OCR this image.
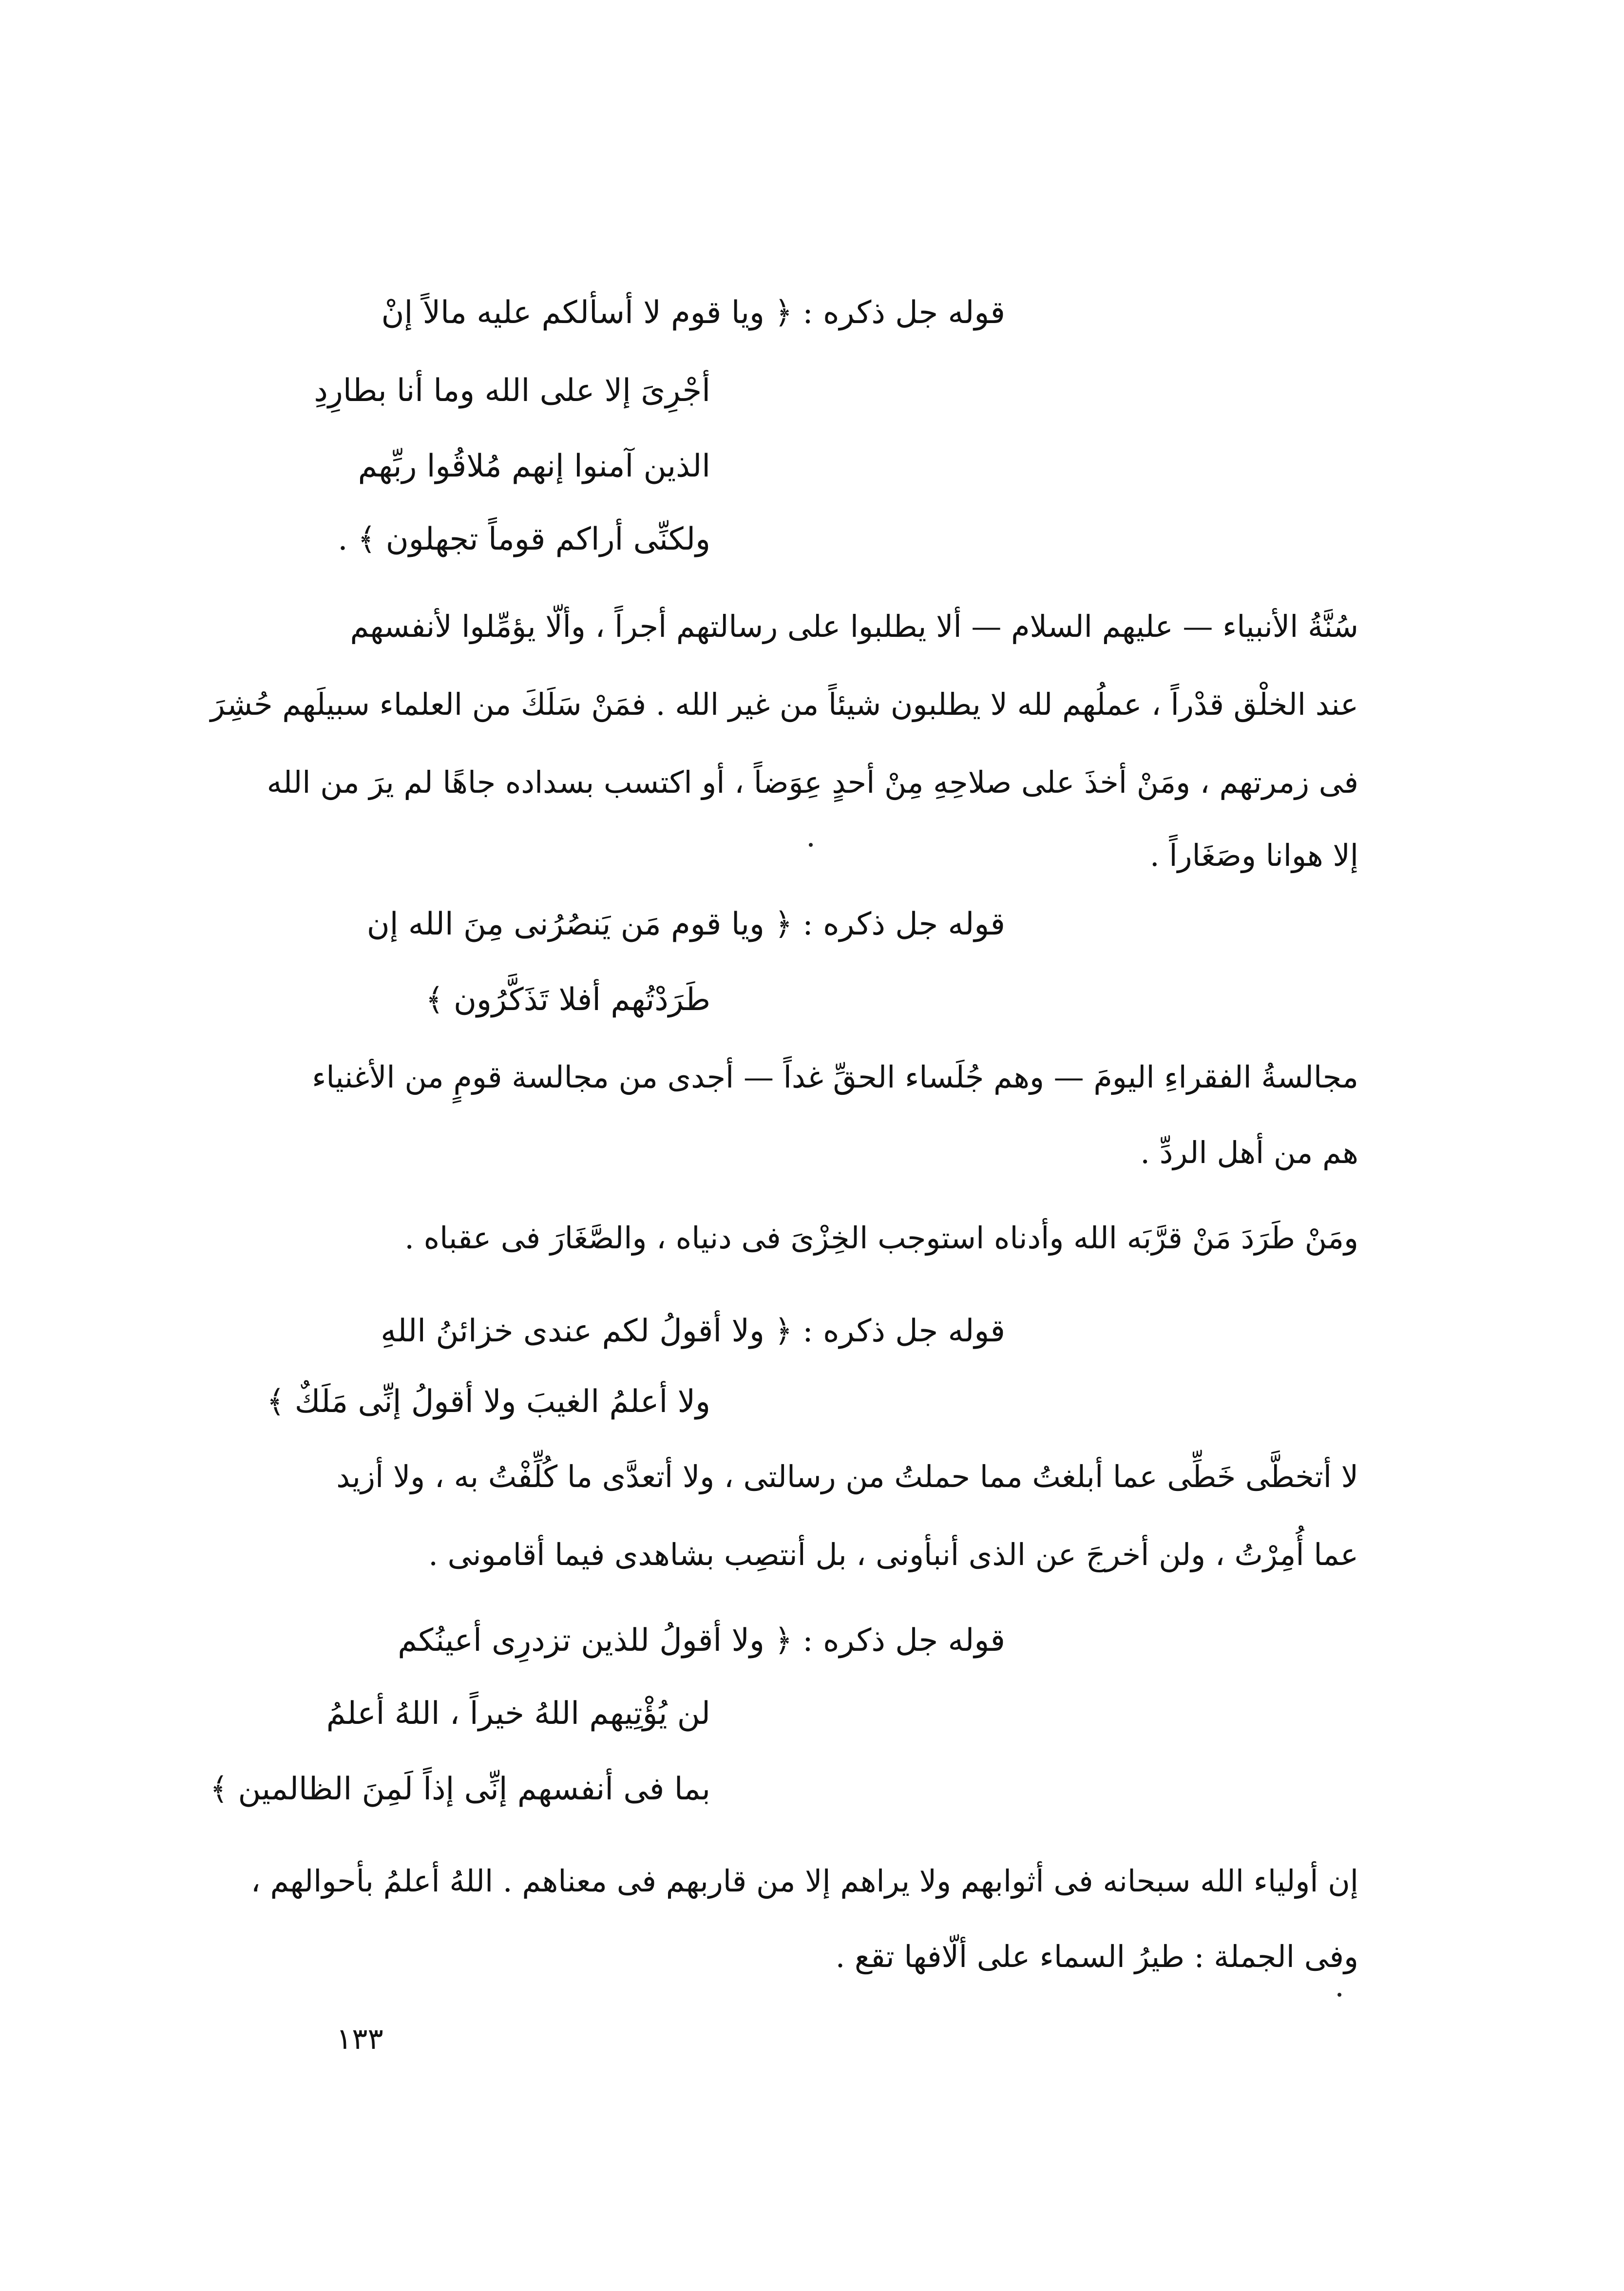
قوله جل ذكره : ﴿ ويا قوم لا أسألكم عليه مالاً إنْ
أجْرِىَ إلا على الله وما أنا بطارِدِ
الذين آمنوا إنهم مُلاقُوا ربِّهم
ولكنِّى أراكم قوماً تجهلون ﴾ .
سُنَّةُ الأنبياء — عليهم السلام — ألا يطلبوا على رسالتهم أجراً ، وألّا يؤمِّلوا لأنفسهم
عند الخلْق قدْراً ، عملُهم لله لا يطلبون شيئاً من غير الله . فمَنْ سَلَكَ من العلماء سبيلَهم حُشِرَ
فى زمرتهم ، ومَنْ أخذَ على صلاحِهِ مِنْ أحدٍ عِوَضاً ، أو اكتسب بسداده جاهًا لم يرَ من الله
إلا هوانا وصَغَاراً .
قوله جل ذكره : ﴿ ويا قوم مَن يَنصُرُنى مِنَ الله إن
طَرَدْتُهم أفلا تَذَكَّرُون ﴾
مجالسةُ الفقراءِ اليومَ — وهم جُلَساء الحقِّ غداً — أجدى من مجالسة قومٍ من الأغنياء
هم من أهل الردِّ .
ومَنْ طَرَدَ مَنْ قرَّبَه الله وأدناه استوجب الخِزْىَ فى دنياه ، والصَّغَارَ فى عقباه .
قوله جل ذكره : ﴿ ولا أقولُ لكم عندى خزائنُ اللهِ
ولا أعلمُ الغيبَ ولا أقولُ إنِّى مَلَكٌ ﴾
لا أتخطَّى خَطِّى عما أبلغتُ مما حملتُ من رسالتى ، ولا أتعدَّى ما كُلِّفْتُ به ، ولا أزيد
عما أُمِرْتُ ، ولن أخرجَ عن الذى أنبأونى ، بل أنتصِب بشاهدى فيما أقامونى .
قوله جل ذكره : ﴿ ولا أقولُ للذين تزدرِى أعينُكم
لن يُؤْتِيهم اللهُ خيراً ، اللهُ أعلمُ
بما فى أنفسهم إنِّى إذاً لَمِنَ الظالمين ﴾
إن أولياء الله سبحانه فى أثوابهم ولا يراهم إلا من قاربهم فى معناهم . اللهُ أعلمُ بأحوالهم ،
وفى الجملة : طيرُ السماء على ألّافها تقع .
١٣٣
